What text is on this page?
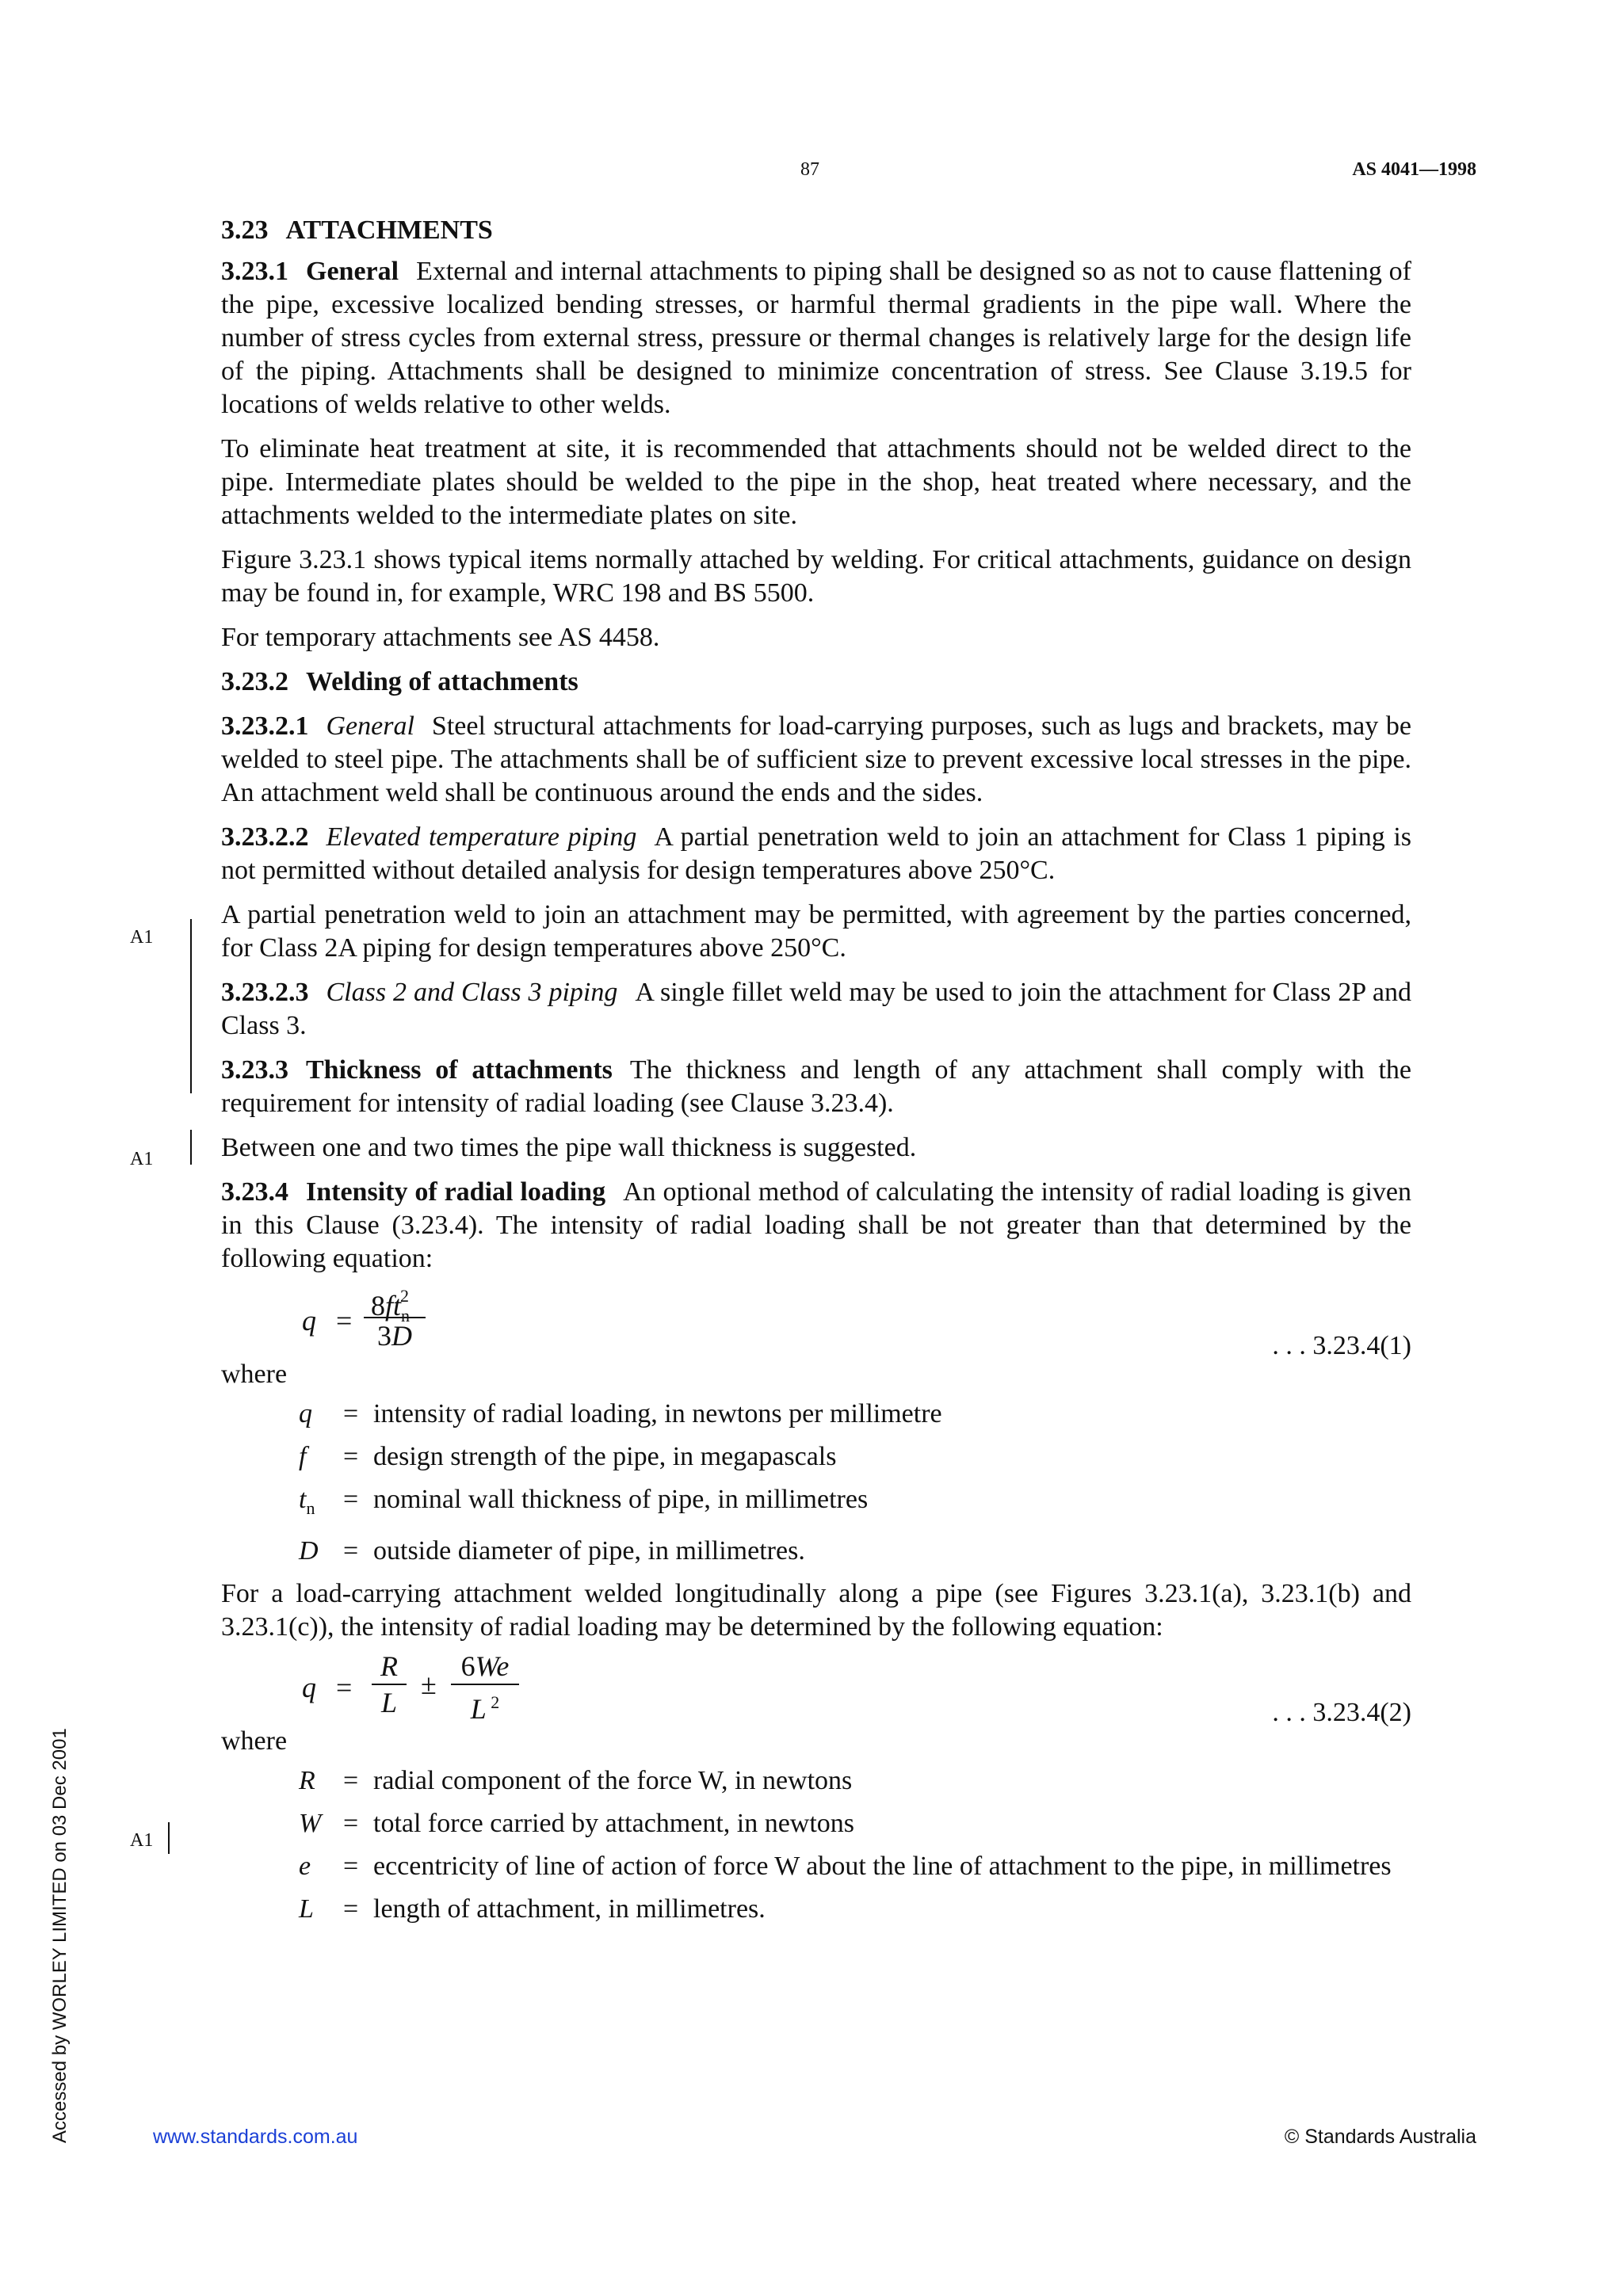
87	AS 4041—1998
3.23 ATTACHMENTS

3.23.1 General External and internal attachments to piping shall be designed so as not to cause flattening of the pipe, excessive localized bending stresses, or harmful thermal gradients in the pipe wall. Where the number of stress cycles from external stress, pressure or thermal changes is relatively large for the design life of the piping. Attachments shall be designed to minimize concentration of stress. See Clause 3.19.5 for locations of welds relative to other welds.

To eliminate heat treatment at site, it is recommended that attachments should not be welded direct to the pipe. Intermediate plates should be welded to the pipe in the shop, heat treated where necessary, and the attachments welded to the intermediate plates on site.

Figure 3.23.1 shows typical items normally attached by welding. For critical attachments, guidance on design may be found in, for example, WRC 198 and BS 5500.

For temporary attachments see AS 4458.

3.23.2 Welding of attachments

3.23.2.1 General Steel structural attachments for load-carrying purposes, such as lugs and brackets, may be welded to steel pipe. The attachments shall be of sufficient size to prevent excessive local stresses in the pipe. An attachment weld shall be continuous around the ends and the sides.

3.23.2.2 Elevated temperature piping A partial penetration weld to join an attachment for Class 1 piping is not permitted without detailed analysis for design temperatures above 250°C.

A partial penetration weld to join an attachment may be permitted, with agreement by the parties concerned, for Class 2A piping for design temperatures above 250°C.

3.23.2.3 Class 2 and Class 3 piping A single fillet weld may be used to join the attachment for Class 2P and Class 3.

3.23.3 Thickness of attachments The thickness and length of any attachment shall comply with the requirement for intensity of radial loading (see Clause 3.23.4).

Between one and two times the pipe wall thickness is suggested.

3.23.4 Intensity of radial loading An optional method of calculating the intensity of radial loading is given in this Clause (3.23.4). The intensity of radial loading shall be not greater than that determined by the following equation:

$q = 8ft_n^2$
3D	. . . 3.23.4(1)

where

q	= intensity of radial loading, in newtons per millimetre
f	= design strength of the pipe, in megapascals
$t_n$	= nominal wall thickness of pipe, in millimetres
D = outside diameter of pipe, in millimetres.

For a load-carrying attachment welded longitudinally along a pipe (see Figures 3.23.1(a), 3.23.1(b) and 3.23.1(c)), the intensity of radial loading may be determined by the following equation:

q =
R
L
±
6We
L $^2$	. . . 3.23.4(2)

where

R	= radial component of the force W, in newtons
W = total force carried by attachment, in newtons
e	= eccentricity of line of action of force W about the line of attachment to the pipe, in millimetres
L	= length of attachment, in millimetres.
A1
A1
A1
Accessed by WORLEY LIMITED on 03 Dec 2001	www.standards.com.au	© Standards Australia
